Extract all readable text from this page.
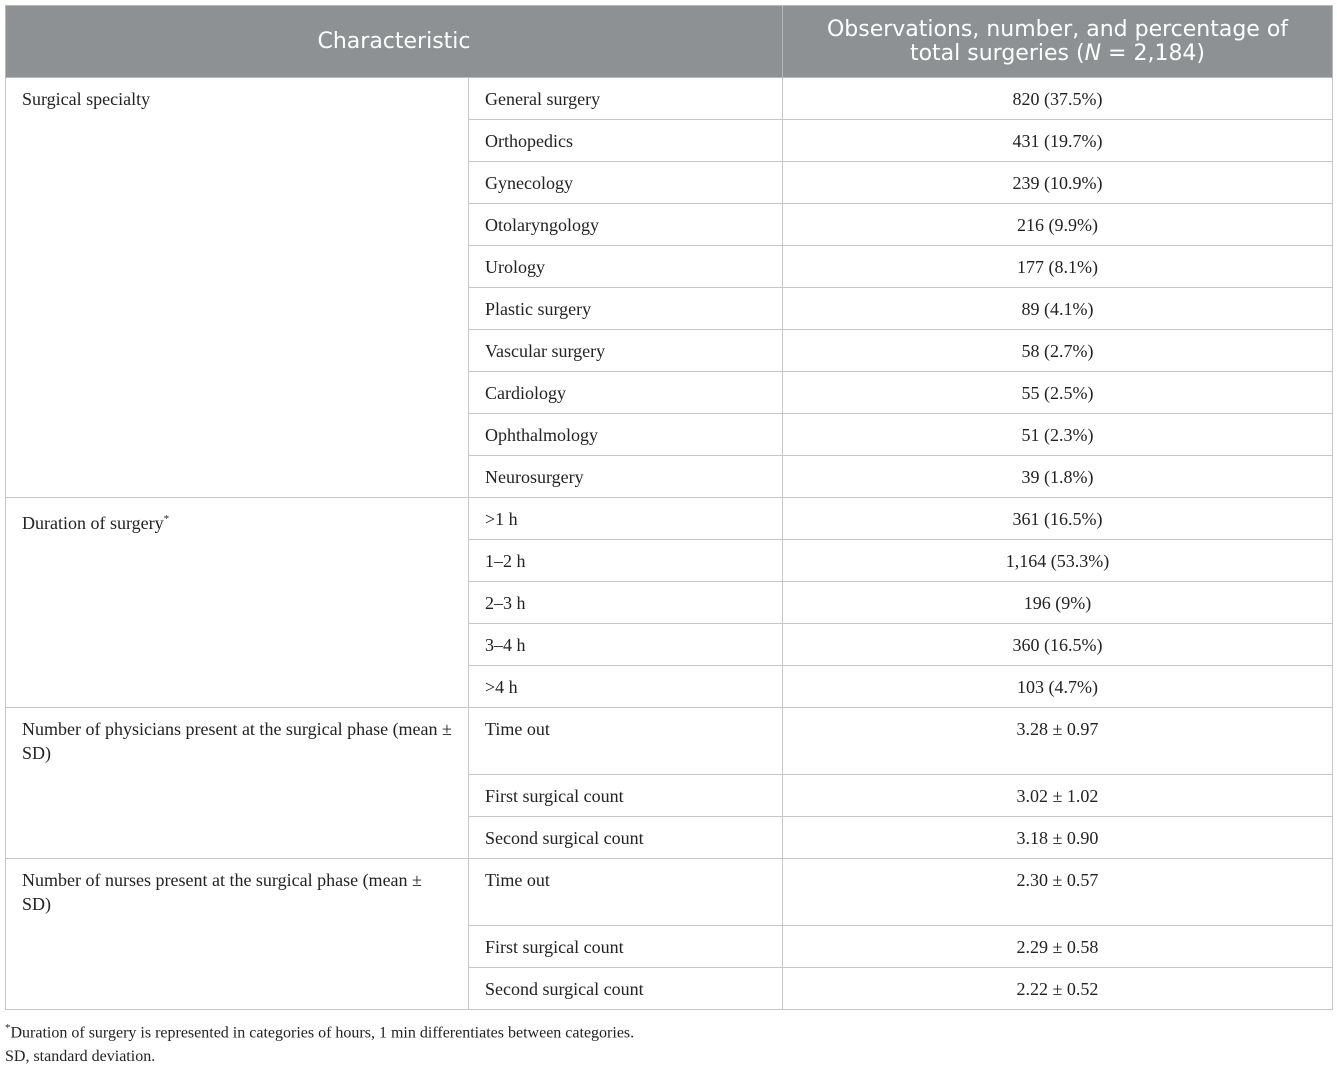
Characteristic		Observations, number, and percentage of
total surgeries (N = 2,184)
Surgical specialty	General surgery	820 (37.5%)
	Orthopedics	431 (19.7%)
	Gynecology	239 (10.9%)
	Otolaryngology	216 (9.9%)
	Urology	177 (8.1%)
	Plastic surgery	89 (4.1%)
	Vascular surgery	58 (2.7%)
	Cardiology	55 (2.5%)
	Ophthalmology	51 (2.3%)
	Neurosurgery	39 (1.8%)
Duration of surgery*	>1 h	361 (16.5%)
	1–2 h	1,164 (53.3%)
	2–3 h	196 (9%)
	3–4 h	360 (16.5%)
	>4 h	103 (4.7%)
Number of physicians present at the surgical phase (mean ± SD)	Time out	3.28 ± 0.97
	First surgical count	3.02 ± 1.02
	Second surgical count	3.18 ± 0.90
Number of nurses present at the surgical phase (mean ± SD)	Time out	2.30 ± 0.57
	First surgical count	2.29 ± 0.58
	Second surgical count	2.22 ± 0.52

*Duration of surgery is represented in categories of hours, 1 min differentiates between categories.

SD, standard deviation.
